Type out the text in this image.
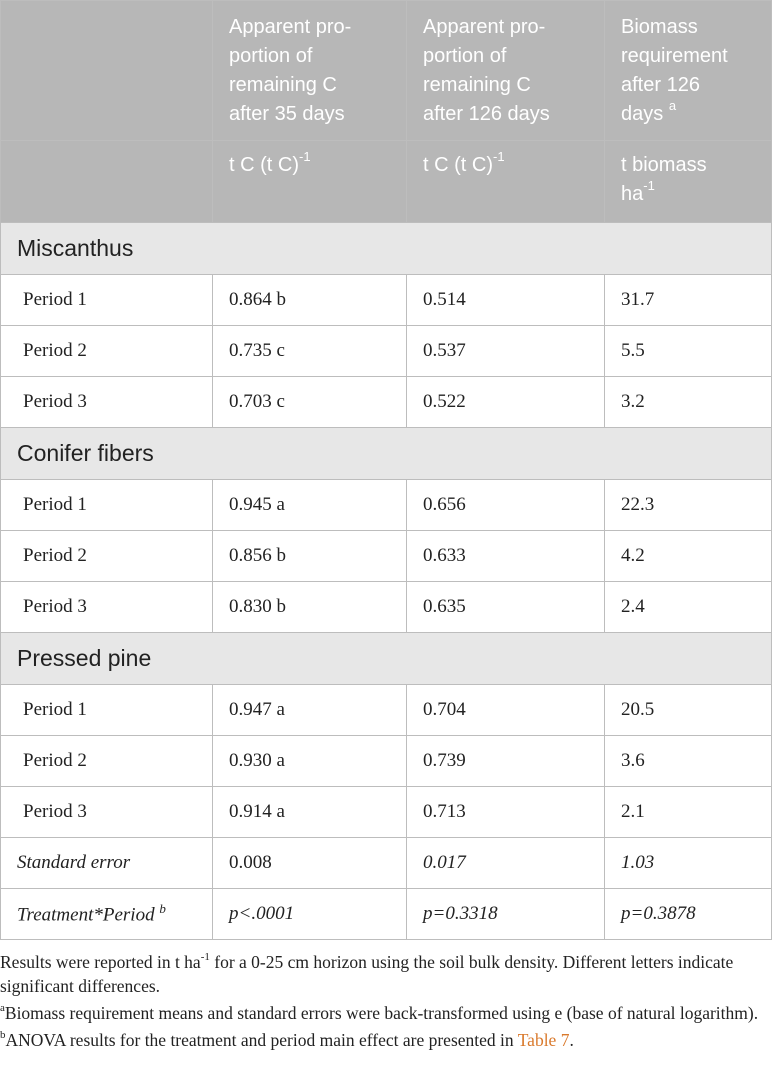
	Apparent pro-
portion of
remaining C
after 35 days	Apparent pro-
portion of
remaining C
after 126 days	Biomass
requirement
after 126
days $^a$
	t C (t C)$^{-1}$	t C (t C)$^{-1}$	t biomass
$ha^{-1}$
Miscanthus			
Period 1	0.864 b	0.514	31.7
Period 2	0.735 c	0.537	5.5
Period 3	0.703 c	0.522	3.2
Conifer fibers			
Period 1	0.945 a	0.656	22.3
Period 2	0.856 b	0.633	4.2
Period 3	0.830 b	0.635	2.4
Pressed pine			
Period 1	0.947 a	0.704	20.5
Period 2	0.930 a	0.739	3.6
Period 3	0.914 a	0.713	2.1
Standard error	0.008	0.017	1.03
Treatment*Period $^b$	p<.0001	p=0.3318	p=0.3878

Results were reported in t $ha^{-1}$ for a 0-25 cm horizon using the soil bulk density. Different letters indicate significant differences.

$^a$Biomass requirement means and standard errors were back-transformed using e (base of natural logarithm).

$^b$ANOVA results for the treatment and period main effect are presented in Table 7.
